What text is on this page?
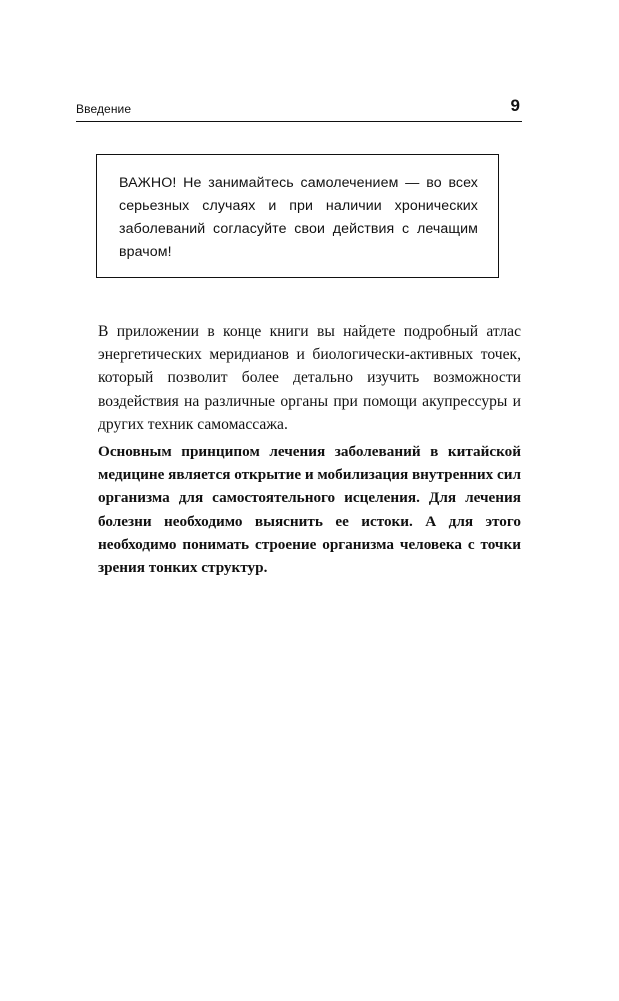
Введение	9

ВАЖНО! Не занимайтесь самолечением — во всех серьезных случаях и при наличии хронических заболеваний согласуйте свои действия с лечащим врачом!

В приложении в конце книги вы найдете подробный атлас энергетических меридианов и биологически-активных точек, который позволит более детально изучить возможности воздействия на различные органы при помощи акупрессуры и других техник самомассажа.

Основным принципом лечения заболеваний в китайской медицине является открытие и мобилизация внутренних сил организма для самостоятельного исцеления. Для лечения болезни необходимо выяснить ее истоки. А для этого необходимо понимать строение организма человека с точки зрения тонких структур.
